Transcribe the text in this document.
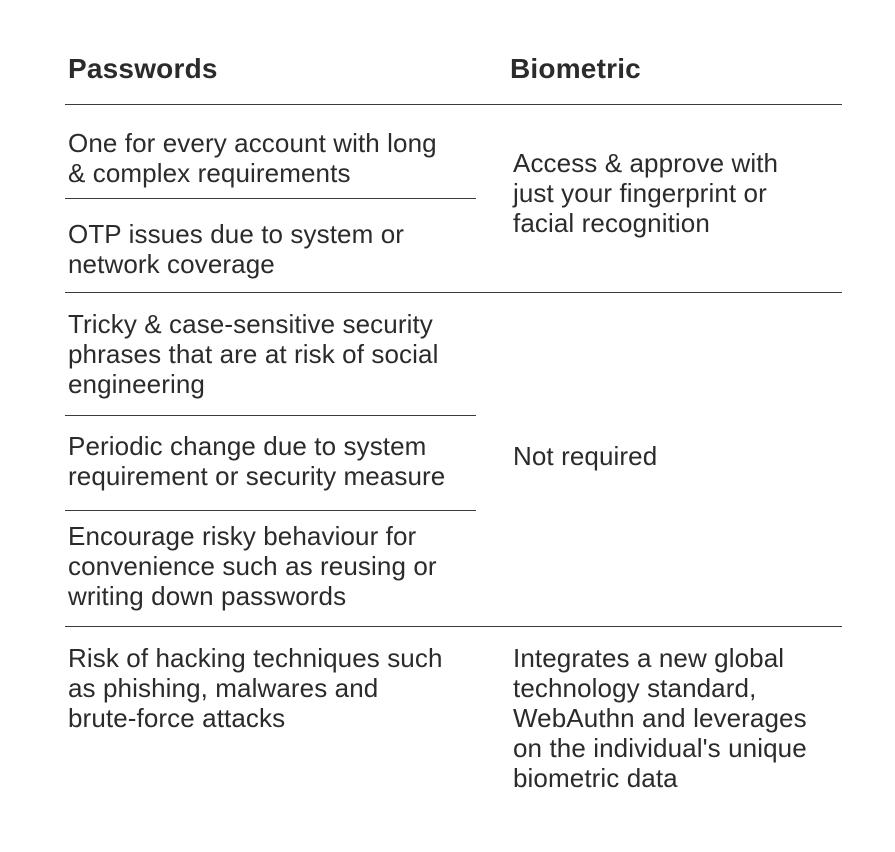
Passwords	Biometric
One for every account with long
& complex requirements
OTP issues due to system or
network coverage
Access & approve with
just your fingerprint or
facial recognition
Tricky & case-sensitive security
phrases that are at risk of social
engineering
Periodic change due to system
requirement or security measure
Encourage risky behaviour for
convenience such as reusing or
writing down passwords
Not required
Risk of hacking techniques such
as phishing, malwares and
brute-force attacks
Integrates a new global
technology standard,
WebAuthn and leverages
on the individual's unique
biometric data
